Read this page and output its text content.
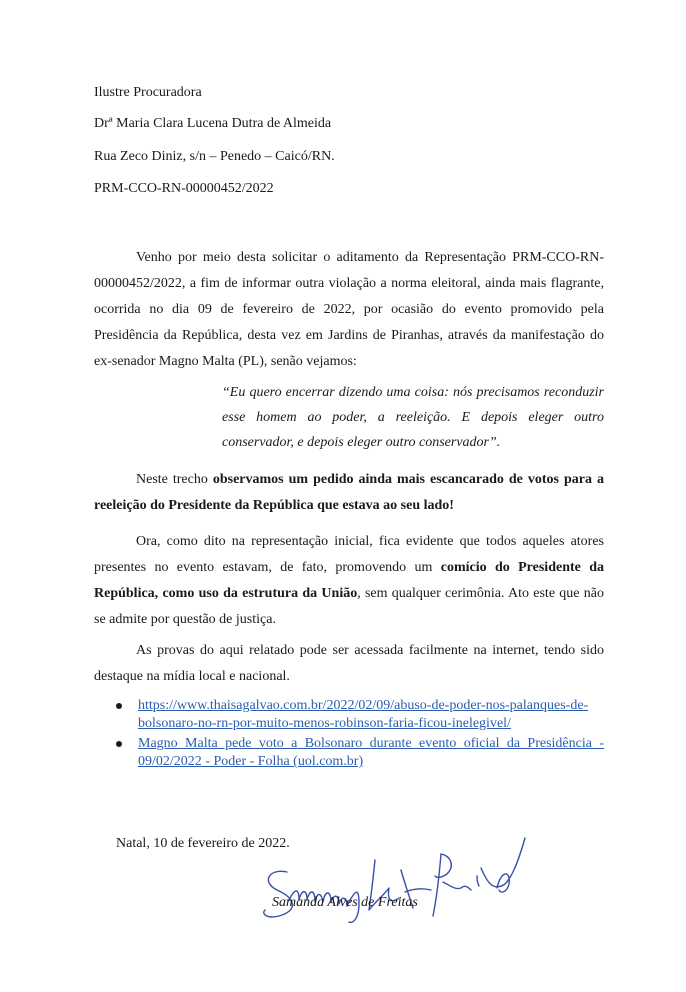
Ilustre Procuradora
Drª Maria Clara Lucena Dutra de Almeida
Rua Zeco Diniz, s/n – Penedo – Caicó/RN.
PRM-CCO-RN-00000452/2022
Venho por meio desta solicitar o aditamento da Representação PRM-CCO-RN-00000452/2022, a fim de informar outra violação a norma eleitoral, ainda mais flagrante, ocorrida no dia 09 de fevereiro de 2022, por ocasião do evento promovido pela Presidência da República, desta vez em Jardins de Piranhas, através da manifestação do ex-senador Magno Malta (PL), senão vejamos:
“Eu quero encerrar dizendo uma coisa: nós precisamos reconduzir esse homem ao poder, a reeleição. E depois eleger outro conservador, e depois eleger outro conservador”.
Neste trecho observamos um pedido ainda mais escancarado de votos para a reeleição do Presidente da República que estava ao seu lado!
Ora, como dito na representação inicial, fica evidente que todos aqueles atores presentes no evento estavam, de fato, promovendo um comício do Presidente da República, como uso da estrutura da União, sem qualquer cerimônia. Ato este que não se admite por questão de justiça.
As provas do aqui relatado pode ser acessada facilmente na internet, tendo sido destaque na mídia local e nacional.
https://www.thaisagalvao.com.br/2022/02/09/abuso-de-poder-nos-palanques-de-bolsonaro-no-rn-por-muito-menos-robinson-faria-ficou-inelegivel/
Magno Malta pede voto a Bolsonaro durante evento oficial da Presidência - 09/02/2022 - Poder - Folha (uol.com.br)
Natal, 10 de fevereiro de 2022.
Samanda Alves de Freitas
